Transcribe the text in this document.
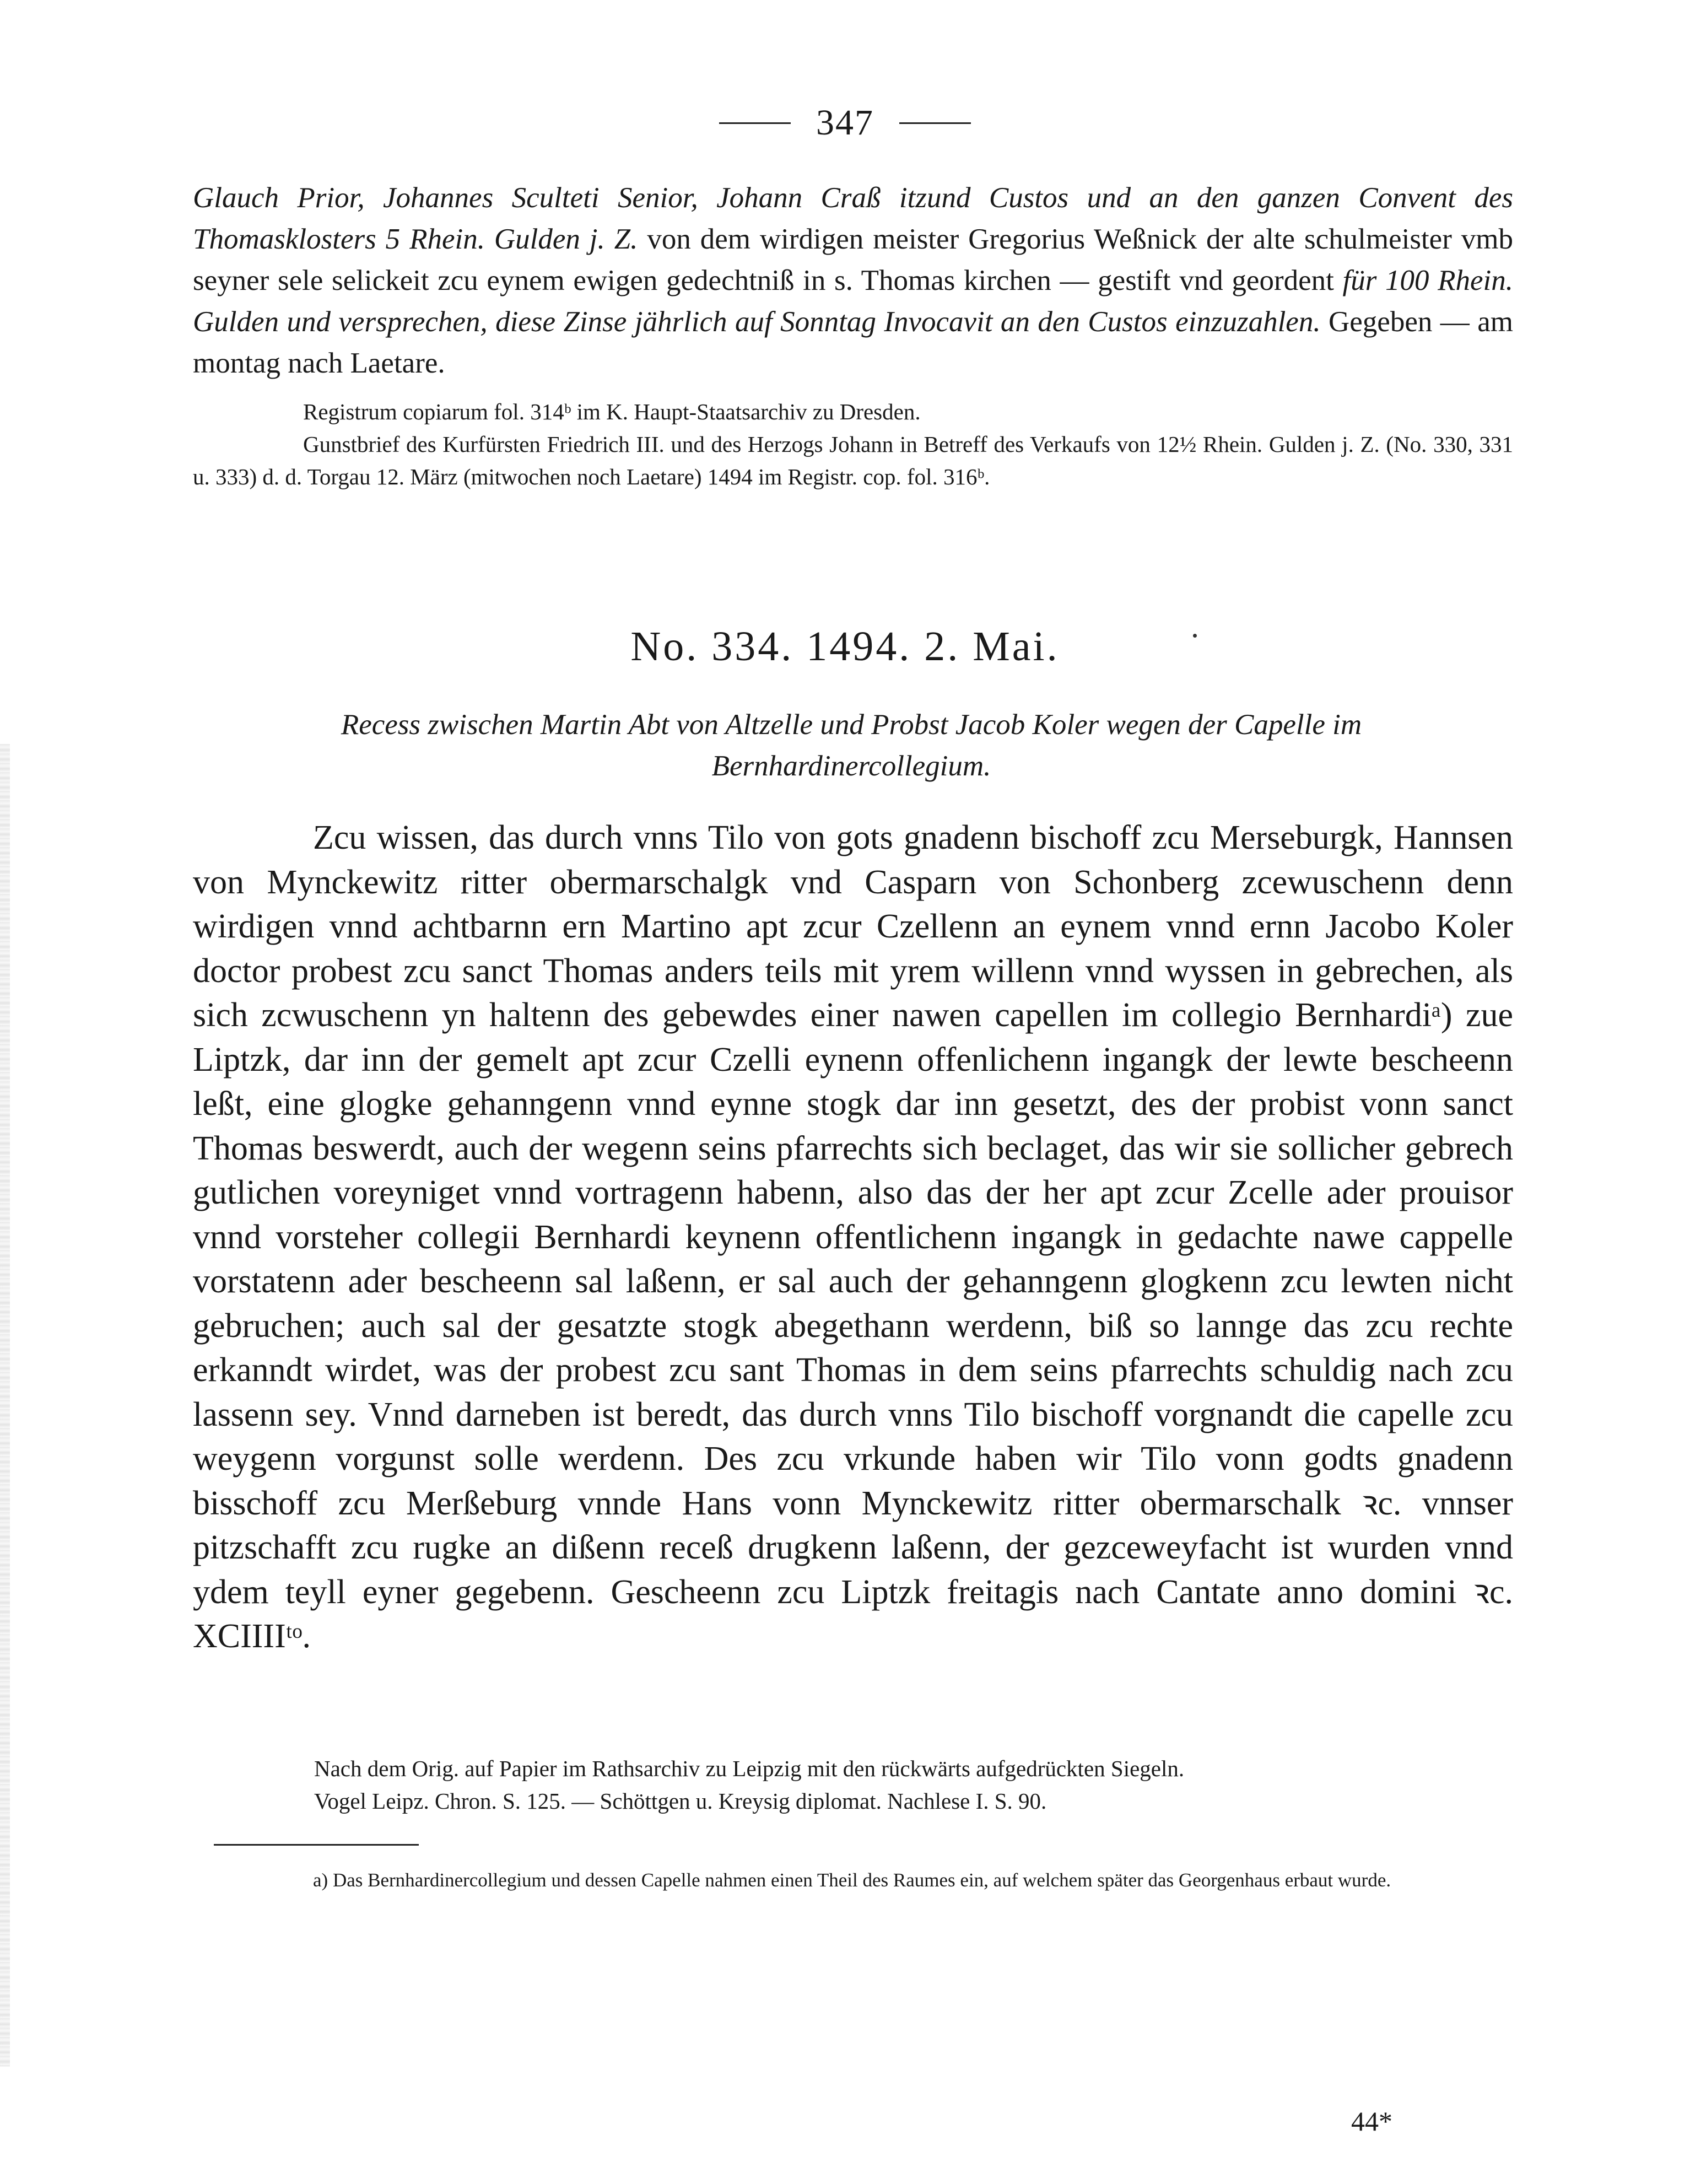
347
Glauch Prior, Johannes Sculteti Senior, Johann Craß itzund Custos und an den ganzen Convent des Thomasklosters 5 Rhein. Gulden j. Z. von dem wirdigen meister Gregorius Weßnick der alte schulmeister vmb seyner sele selickeit zcu eynem ewigen gedechtniß in s. Thomas kirchen — gestift vnd geordent für 100 Rhein. Gulden und versprechen, diese Zinse jährlich auf Sonntag Invocavit an den Custos einzuzahlen. Gegeben — am montag nach Laetare.
Registrum copiarum fol. 314ᵇ im K. Haupt-Staatsarchiv zu Dresden.
Gunstbrief des Kurfürsten Friedrich III. und des Herzogs Johann in Betreff des Verkaufs von 12½ Rhein. Gulden j. Z. (No. 330, 331 u. 333) d. d. Torgau 12. März (mitwochen noch Laetare) 1494 im Registr. cop. fol. 316ᵇ.
No. 334. 1494. 2. Mai.
Recess zwischen Martin Abt von Altzelle und Probst Jacob Koler wegen der Capelle im Bernhardinercollegium.
Zcu wissen, das durch vnns Tilo von gots gnadenn bischoff zcu Merseburgk, Hannsen von Mynckewitz ritter obermarschalgk vnd Casparn von Schonberg zcewuschenn denn wirdigen vnnd achtbarnn ern Martino apt zcur Czellenn an eynem vnnd ernn Jacobo Koler doctor probest zcu sanct Thomas anders teils mit yrem willenn vnnd wyssen in gebrechen, als sich zcwuschenn yn haltenn des gebewdes einer nawen capellen im collegio Bernhardiᵃ) zue Liptzk, dar inn der gemelt apt zcur Czelli eynenn offenlichenn ingangk der lewte bescheenn leßt, eine glogke gehanngenn vnnd eynne stogk dar inn gesetzt, des der probist vonn sanct Thomas beswerdt, auch der wegenn seins pfarrechts sich beclaget, das wir sie sollicher gebrech gutlichen voreyniget vnnd vortragenn habenn, also das der her apt zcur Zcelle ader prouisor vnnd vorsteher collegii Bernhardi keynenn offentlichenn ingangk in gedachte nawe cappelle vorstatenn ader bescheenn sal laßenn, er sal auch der gehanngenn glogkenn zcu lewten nicht gebruchen; auch sal der gesatzte stogk abegethann werdenn, biß so lannge das zcu rechte erkanndt wirdet, was der probest zcu sant Thomas in dem seins pfarrechts schuldig nach zcu lassenn sey. Vnnd darneben ist beredt, das durch vnns Tilo bischoff vorgnandt die capelle zcu weygenn vorgunst solle werdenn. Des zcu vrkunde haben wir Tilo vonn godts gnadenn bisschoff zcu Merßeburg vnnde Hans vonn Mynckewitz ritter obermarschalk ꝛc. vnnser pitzschafft zcu rugke an dißenn receß drugkenn laßenn, der gezceweyfacht ist wurden vnnd ydem teyll eyner gegebenn. Gescheenn zcu Liptzk freitagis nach Cantate anno domini ꝛc. XCIIIIᵗᵒ.
Nach dem Orig. auf Papier im Rathsarchiv zu Leipzig mit den rückwärts aufgedrückten Siegeln.
Vogel Leipz. Chron. S. 125. — Schöttgen u. Kreysig diplomat. Nachlese I. S. 90.
a) Das Bernhardinercollegium und dessen Capelle nahmen einen Theil des Raumes ein, auf welchem später das Georgenhaus erbaut wurde.
44*
